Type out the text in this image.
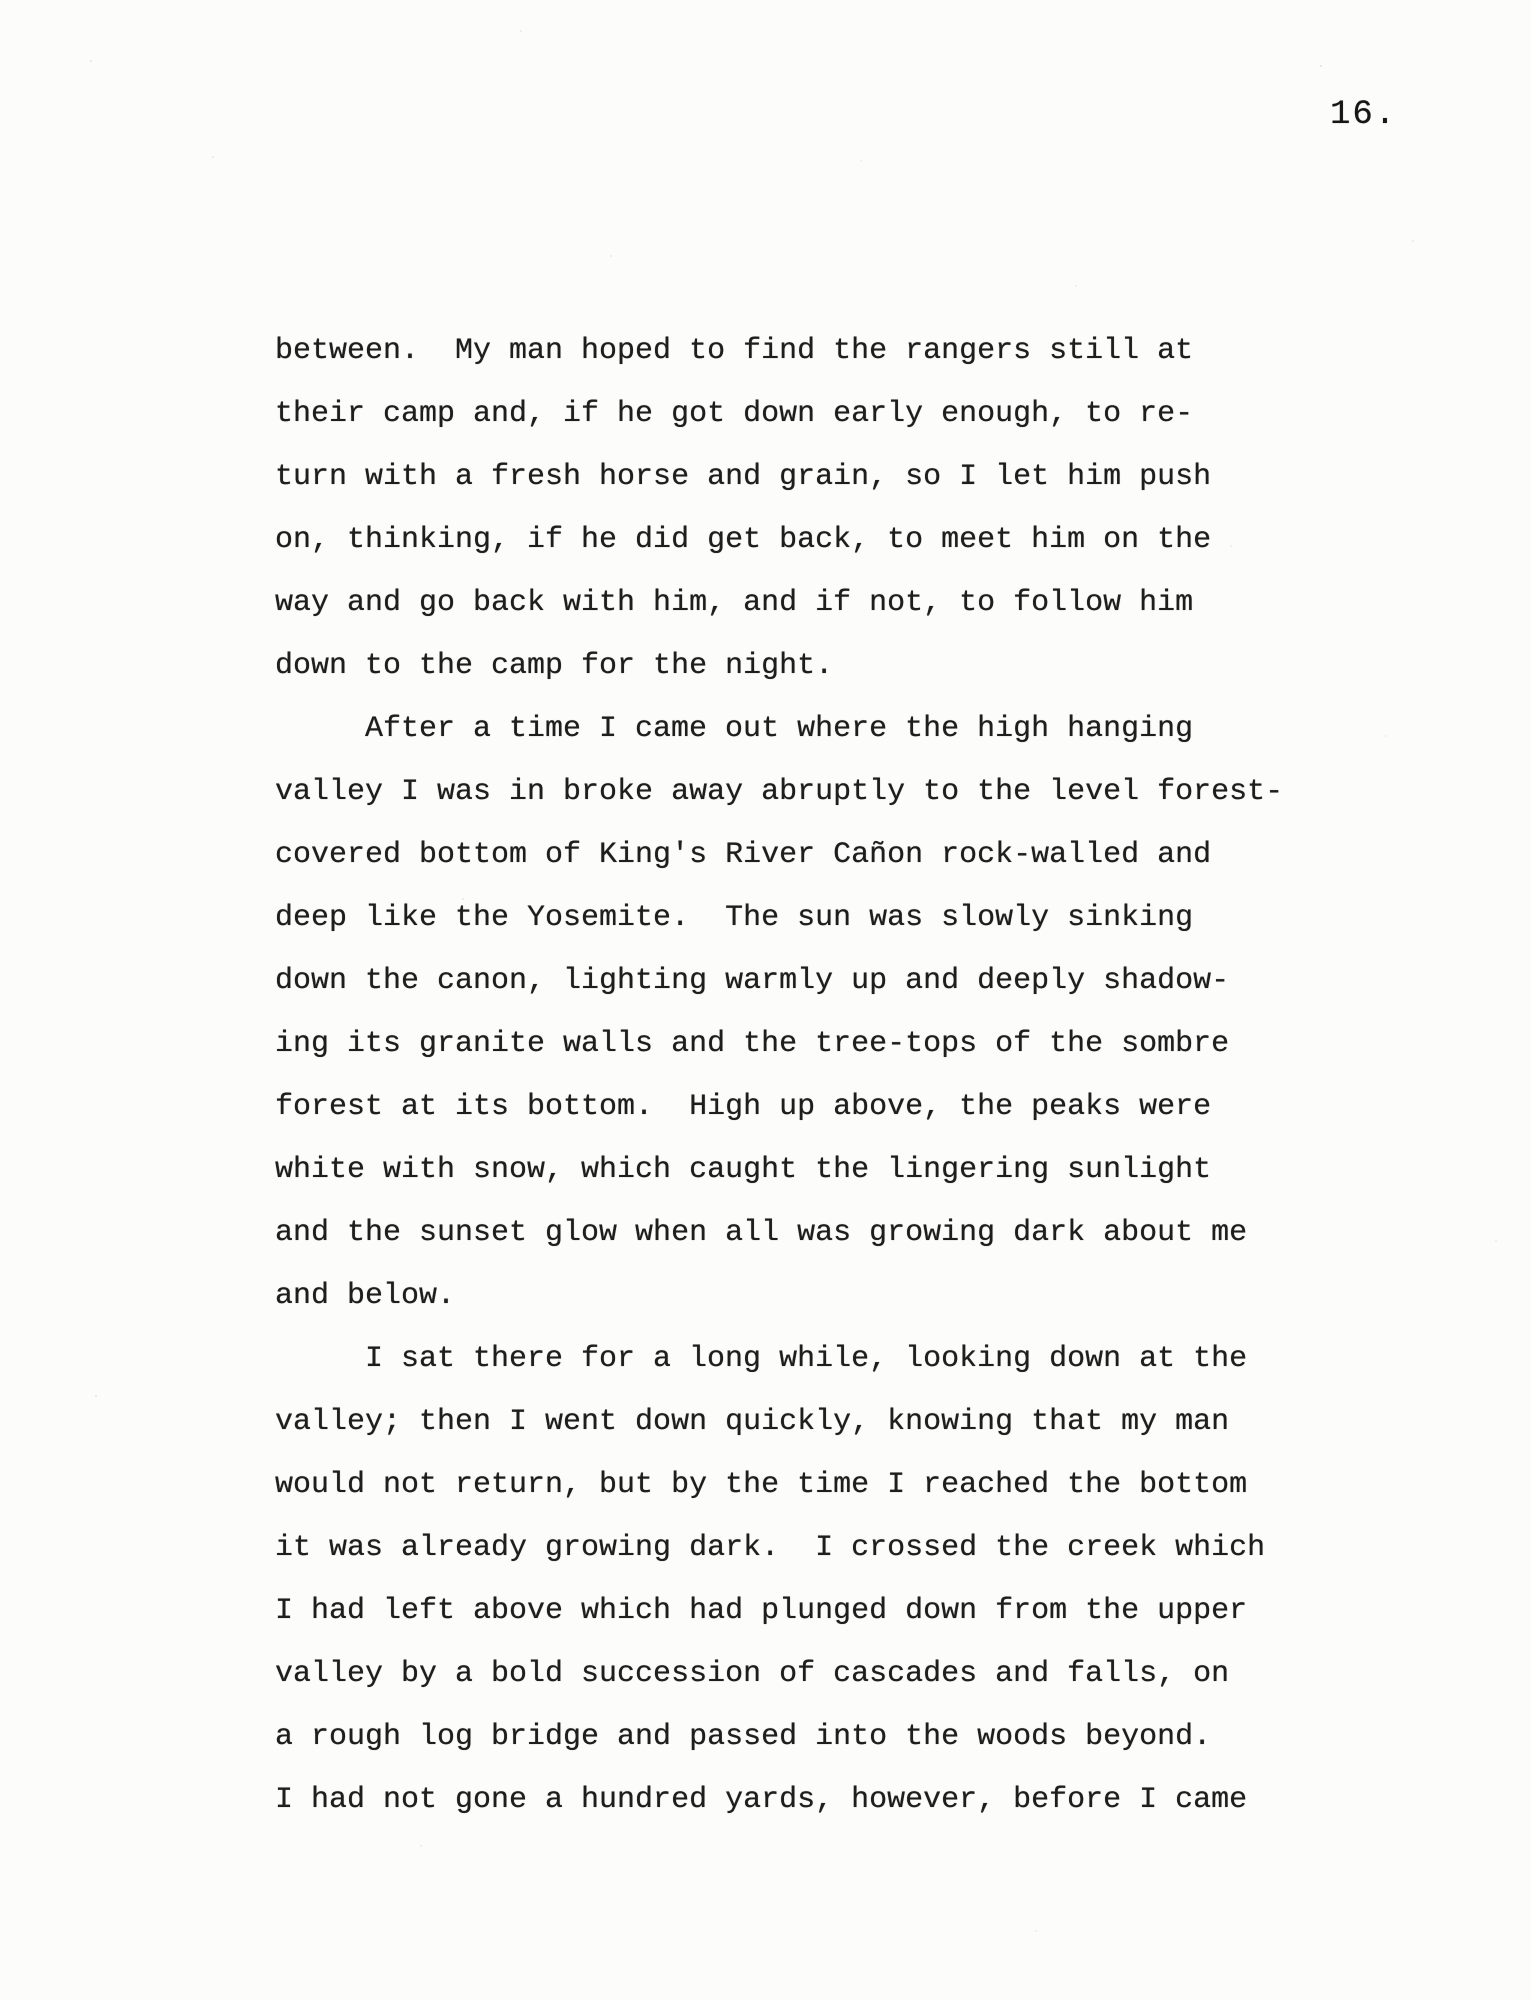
16.
between.  My man hoped to find the rangers still at
their camp and, if he got down early enough, to re-
turn with a fresh horse and grain, so I let him push
on, thinking, if he did get back, to meet him on the
way and go back with him, and if not, to follow him
down to the camp for the night.
After a time I came out where the high hanging
valley I was in broke away abruptly to the level forest-
covered bottom of King's River Cañon rock-walled and
deep like the Yosemite.  The sun was slowly sinking
down the canon, lighting warmly up and deeply shadow-
ing its granite walls and the tree-tops of the sombre
forest at its bottom.  High up above, the peaks were
white with snow, which caught the lingering sunlight
and the sunset glow when all was growing dark about me
and below.
I sat there for a long while, looking down at the
valley; then I went down quickly, knowing that my man
would not return, but by the time I reached the bottom
it was already growing dark.  I crossed the creek which
I had left above which had plunged down from the upper
valley by a bold succession of cascades and falls, on
a rough log bridge and passed into the woods beyond.
I had not gone a hundred yards, however, before I came
